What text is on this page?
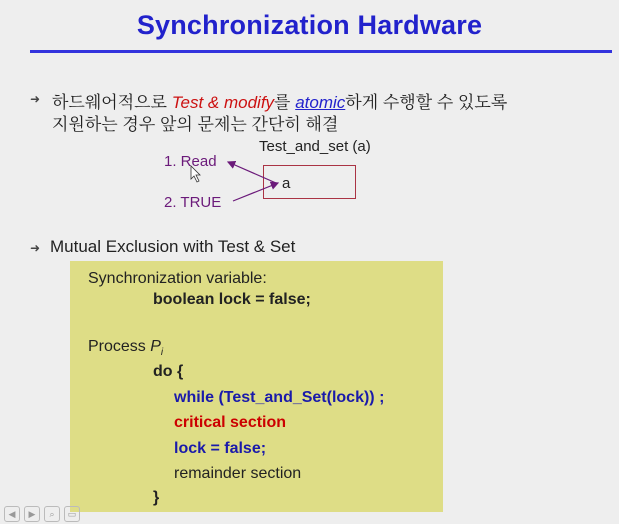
Synchronization Hardware
➜ 하드웨어적으로 Test & modify를 atomic하게 수행할 수 있도록
지원하는 경우 앞의 문제는 간단히 해결
Test_and_set (a)
1. Read
2. TRUE
a
➜ Mutual Exclusion with Test & Set
Synchronization variable:
boolean lock = false;
Process $P_i$
do {
while (Test_and_Set(lock)) ;
critical section
lock = false;
remainder section
}
◀	▶	⌕	▭
